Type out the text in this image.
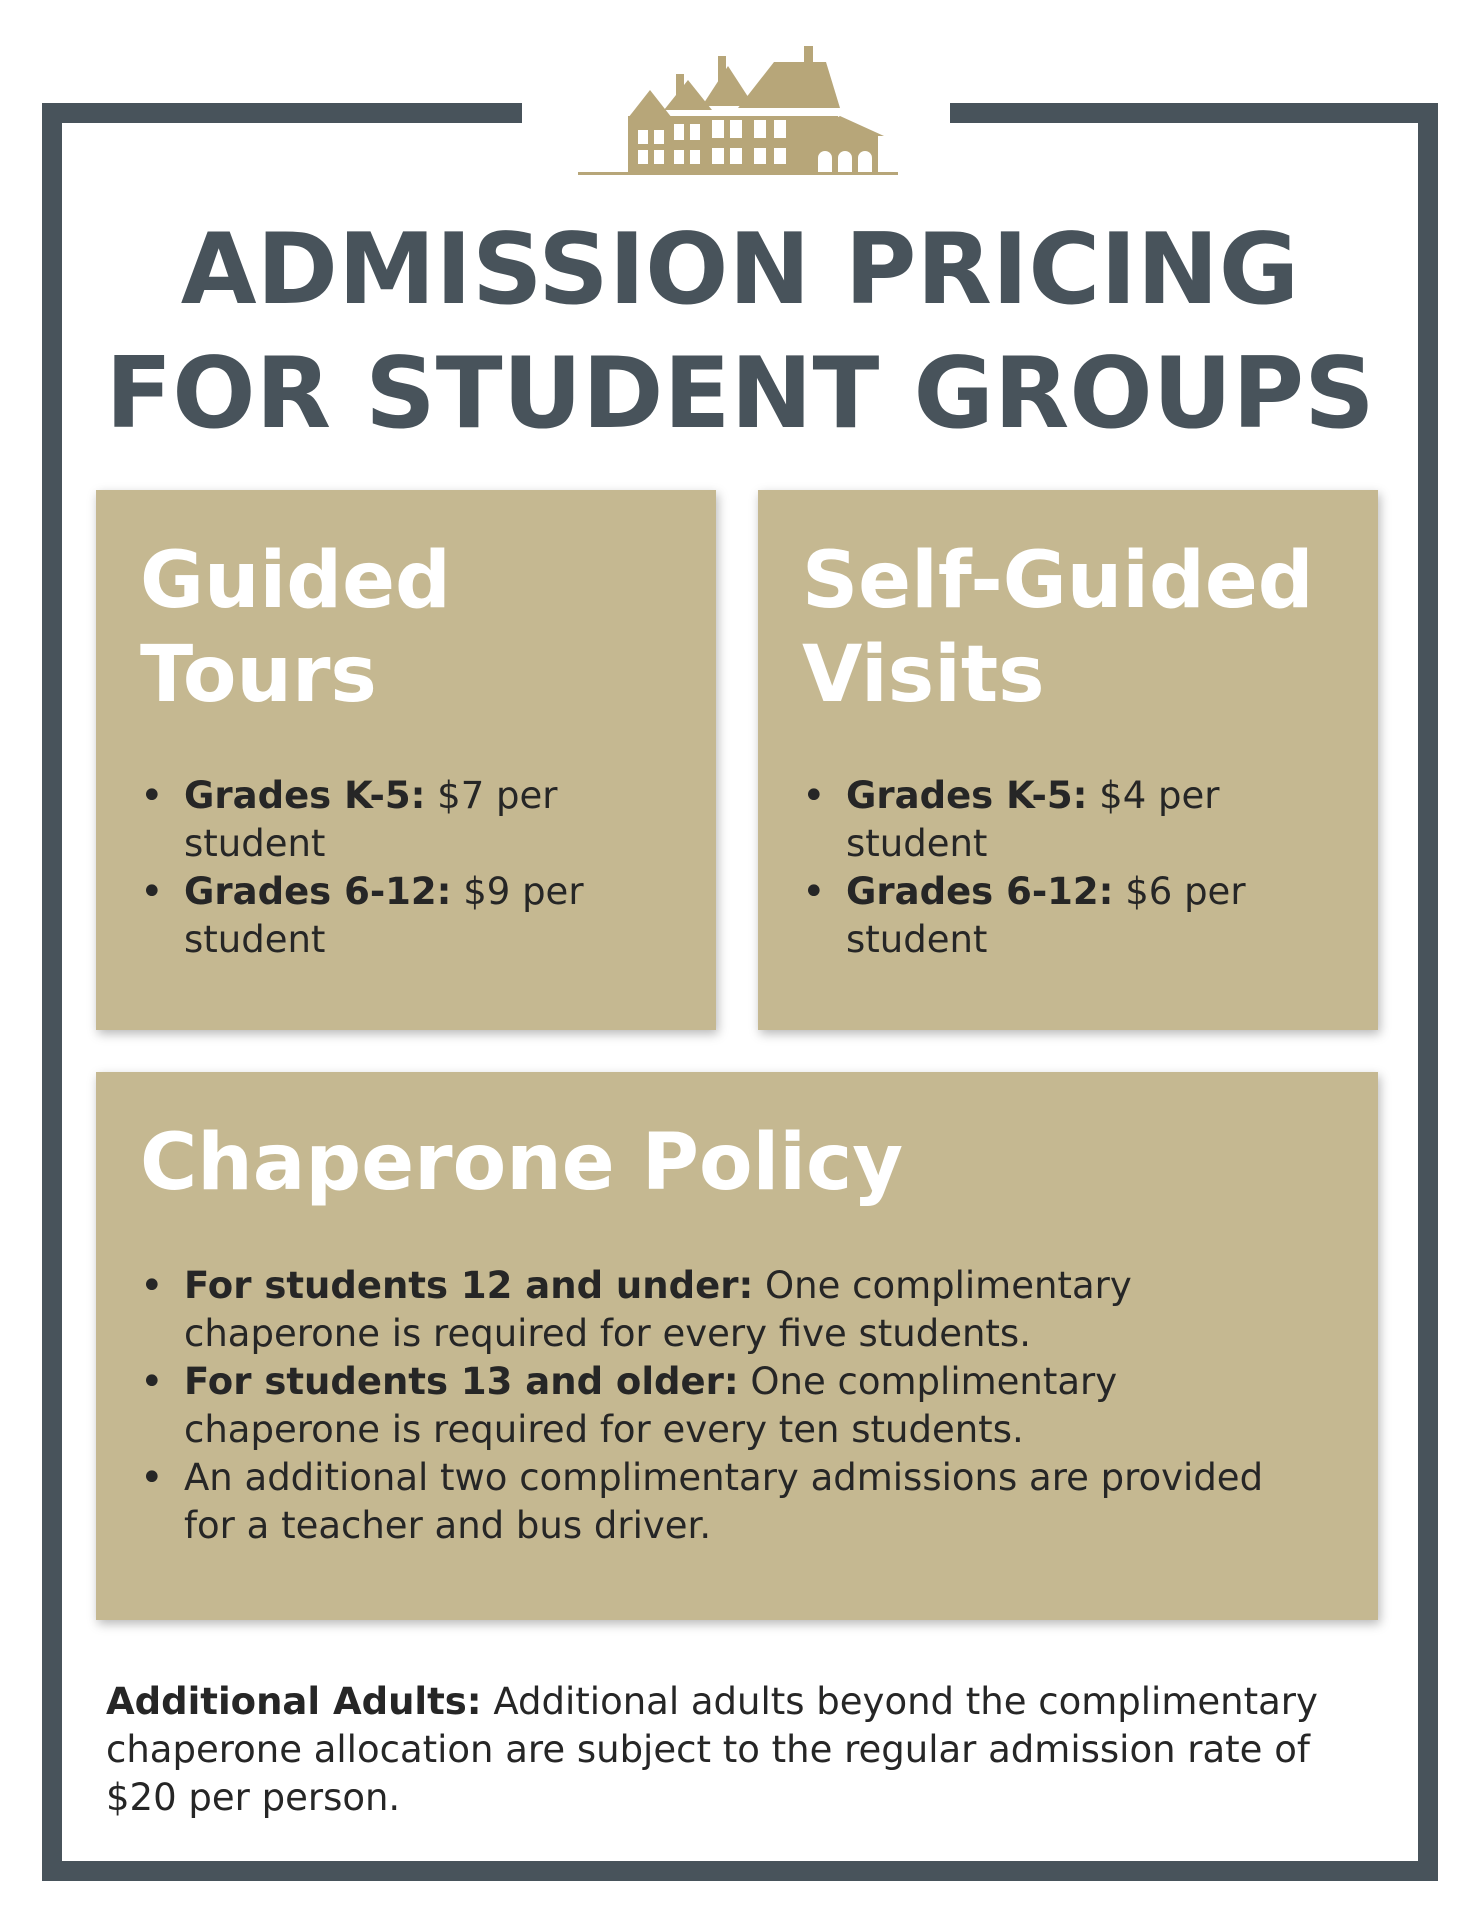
ADMISSION PRICING
FOR STUDENT GROUPS
Guided
Tours
• Grades K-5: $7 per student
• Grades 6-12: $9 per student
Self-Guided
Visits
• Grades K-5: $4 per student
• Grades 6-12: $6 per student
Chaperone Policy
• For students 12 and under: One complimentary chaperone is required for every five students.
• For students 13 and older: One complimentary chaperone is required for every ten students.
• An additional two complimentary admissions are provided for a teacher and bus driver.

Additional Adults: Additional adults beyond the complimentary chaperone allocation are subject to the regular admission rate of $20 per person.
